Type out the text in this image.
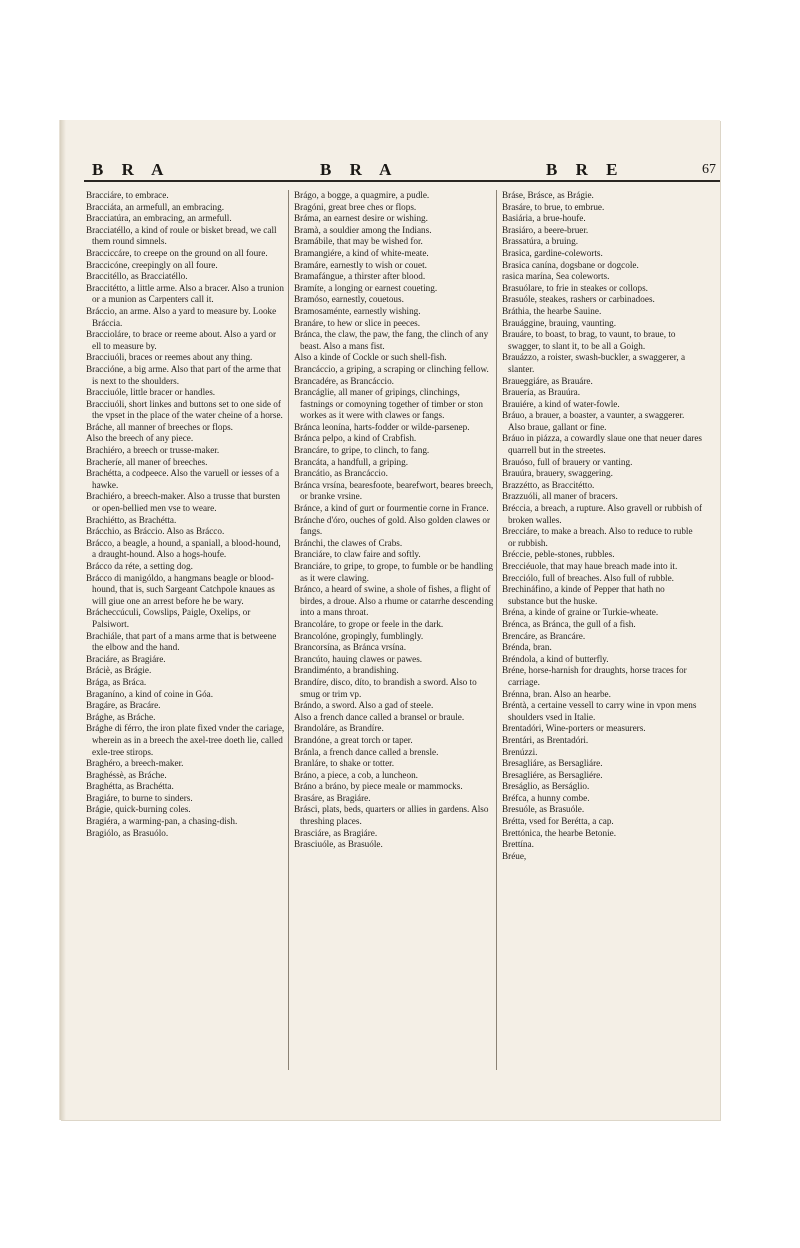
B R A	B R A	B R E	67

Bracciáre, to embrace.

Bracciáta, an armefull, an embracing.

Bracciatúra, an embracing, an armefull.

Bracciatéllo, a kind of roule or bisket bread, we call them round simnels.

Bracciccáre, to creepe on the ground on all foure.

Braccicóne, creepingly on all foure.

Braccitéllo, as Bracciatéllo.

Braccitétto, a little arme. Also a bracer. Also a trunion or a munion as Carpenters call it.

Bráccio, an arme. Also a yard to measure by. Looke Bráccia.

Braccioláre, to brace or reeme about. Also a yard or ell to measure by.

Bracciuóli, braces or reemes about any thing.

Braccióne, a big arme. Also that part of the arme that is next to the shoulders.

Bracciuóle, little bracer or handles.

Bracciuóli, short linkes and buttons set to one side of the vpset in the place of the water cheine of a horse.

Bráche, all manner of breeches or flops.

Also the breech of any piece.

Brachiéro, a breech or trusse-maker.

Bracheríe, all maner of breeches.

Brachétta, a codpeece. Also the varuell or iesses of a hawke.

Brachiéro, a breech-maker. Also a trusse that bursten or open-bellied men vse to weare.

Brachiétto, as Brachétta.

Brácchio, as Bráccio. Also as Brácco.

Brácco, a beagle, a hound, a spaniall, a blood-hound, a draught-hound. Also a hogs-houfe.

Brácco da réte, a setting dog.

Brácco di manigóldo, a hangmans beagle or blood-hound, that is, such Sargeant Catchpole knaues as will giue one an arrest before he be wary.

Brácheccúculi, Cowslips, Paigle, Oxelips, or Palsiwort.

Brachiále, that part of a mans arme that is betweene the elbow and the hand.

Braciáre, as Bragiáre.

Bráciè, as Brágie.

Brága, as Bráca.

Braganíno, a kind of coine in Góa.

Bragáre, as Bracáre.

Brághe, as Bráche.

Brághe di férro, the iron plate fixed vnder the cariage, wherein as in a breech the axel-tree doeth lie, called exle-tree stirops.

Braghéro, a breech-maker.

Braghéssè, as Bráche.

Braghétta, as Brachétta.

Bragiáre, to burne to sinders.

Brágie, quick-burning coles.

Bragiéra, a warming-pan, a chasing-dish.

Bragiólo, as Brasuólo.

Brágo, a bogge, a quagmire, a pudle.

Bragóni, great bree ches or flops.

Bráma, an earnest desire or wishing.

Bramà, a souldier among the Indians.

Bramábile, that may be wished for.

Bramangiére, a kind of white-meate.

Bramáre, earnestly to wish or couet.

Bramafángue, a thirster after blood.

Bramíte, a longing or earnest coueting.

Bramóso, earnestly, couetous.

Bramosaménte, earnestly wishing.

Branáre, to hew or slice in peeces.

Bránca, the claw, the paw, the fang, the clinch of any beast. Also a mans fist.

Also a kinde of Cockle or such shell-fish.

Brancáccio, a griping, a scraping or clinching fellow.

Brancadére, as Brancáccio.

Brancáglie, all maner of gripings, clinchings, fastnings or comoyning together of timber or ston workes as it were with clawes or fangs.

Bránca leonína, harts-fodder or wilde-parsenep.

Bránca pelpo, a kind of Crabfish.

Brancáre, to gripe, to clinch, to fang.

Brancáta, a handfull, a griping.

Brancátio, as Brancáccio.

Bránca vrsína, bearesfoote, bearefwort, beares breech, or branke vrsine.

Bránce, a kind of gurt or fourmentie corne in France.

Bránche d'óro, ouches of gold. Also golden clawes or fangs.

Bránchi, the clawes of Crabs.

Branciáre, to claw faire and softly.

Branciáre, to gripe, to grope, to fumble or be handling as it were clawing.

Bránco, a heard of swine, a shole of fishes, a flight of birdes, a droue. Also a rhume or catarrhe descending into a mans throat.

Brancoláre, to grope or feele in the dark.

Brancolóne, gropingly, fumblingly.

Brancorsína, as Bránca vrsína.

Brancúto, hauing clawes or pawes.

Brandiménto, a brandishing.

Brandíre, disco, díto, to brandish a sword. Also to smug or trim vp.

Brándo, a sword. Also a gad of steele.

Also a french dance called a bransel or braule.

Brandoláre, as Brandíre.

Brandóne, a great torch or taper.

Bránla, a french dance called a brensle.

Branláre, to shake or totter.

Bráno, a piece, a cob, a luncheon.

Bráno a bráno, by piece meale or mammocks.

Brasáre, as Bragiáre.

Brásci, plats, beds, quarters or allies in gardens. Also threshing places.

Brasciáre, as Bragiáre.

Brasciuóle, as Brasuóle.

Bráse, Brásce, as Brágie.

Brasáre, to brue, to embrue.

Basiária, a brue-houfe.

Brasiáro, a beere-bruer.

Brassatúra, a bruing.

Brasica, gardine-coleworts.

Brasica canína, dogsbane or dogcole.

rasica marína, Sea coleworts.

Brasuólare, to frie in steakes or collops.

Brasuóle, steakes, rashers or carbinadoes.

Bráthia, the hearbe Sauine.

Brauággine, brauing, vaunting.

Brauáre, to boast, to brag, to vaunt, to braue, to swagger, to slant it, to be all a Goigh.

Brauázzo, a roister, swash-buckler, a swaggerer, a slanter.

Braueggiáre, as Brauáre.

Brauería, as Brauúra.

Brauiére, a kind of water-fowle.

Bráuo, a brauer, a boaster, a vaunter, a swaggerer. Also braue, gallant or fine.

Bráuo in piázza, a cowardly slaue one that neuer dares quarrell but in the streetes.

Brauóso, full of brauery or vanting.

Brauúra, brauery, swaggering.

Brazzétto, as Braccitétto.

Brazzuóli, all maner of bracers.

Bréccia, a breach, a rupture. Also gravell or rubbish of broken walles.

Brecciáre, to make a breach. Also to reduce to ruble or rubbish.

Bréccie, peble-stones, rubbles.

Brecciéuole, that may haue breach made into it.

Brecciólo, full of breaches. Also full of rubble.

Brechináfino, a kinde of Pepper that hath no substance but the huske.

Bréna, a kinde of graine or Turkie-wheate.

Brénca, as Bránca, the gull of a fish.

Brencáre, as Brancáre.

Brénda, bran.

Bréndola, a kind of butterfly.

Bréne, horse-harnish for draughts, horse traces for carriage.

Brénna, bran. Also an hearbe.

Bréntà, a certaine vessell to carry wine in vpon mens shoulders vsed in Italie.

Brentadóri, Wine-porters or measurers.

Brentári, as Brentadóri.

Brenúzzi.

Bresagliáre, as Bersagliáre.

Bresagliére, as Bersagliére.

Breságlio, as Berságlio.

Bréfca, a hunny combe.

Bresuóle, as Brasuóle.

Brétta, vsed for Berétta, a cap.

Brettónica, the hearbe Betonie.

Brettína.

Bréue,
